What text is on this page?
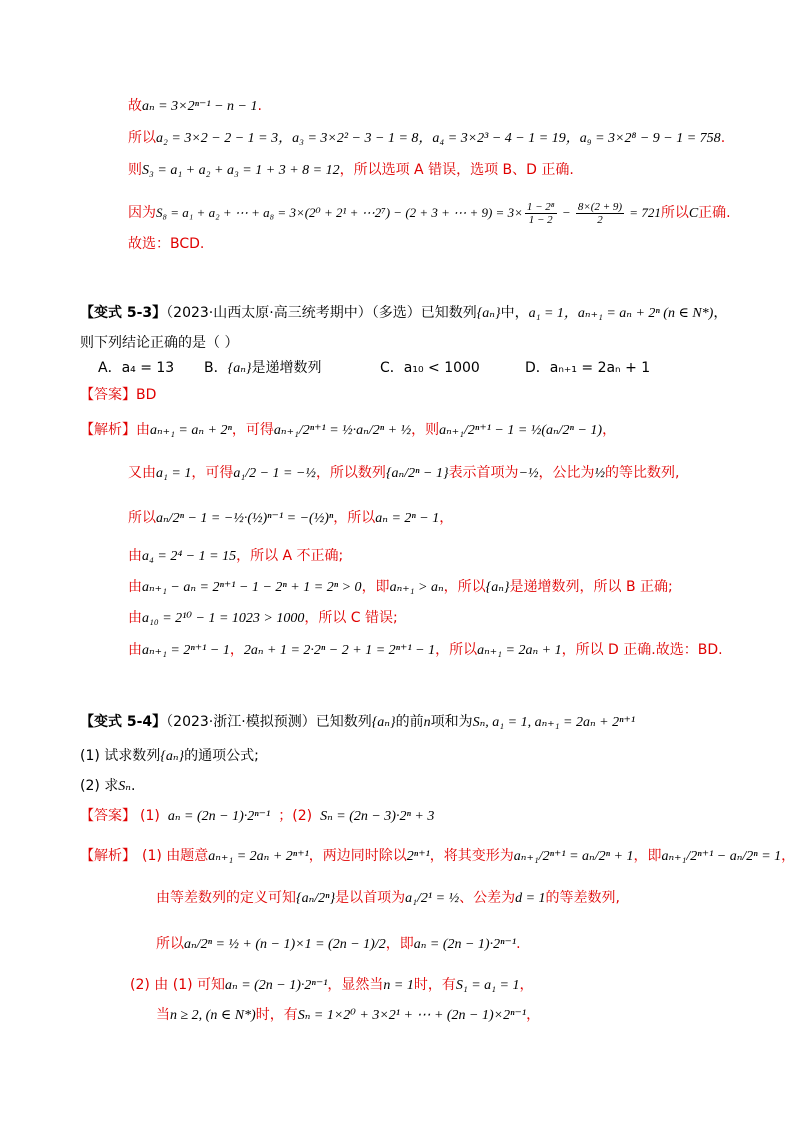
故aₙ = 3×2ⁿ⁻¹ − n − 1.
所以a₂ = 3×2 − 2 − 1 = 3，a₃ = 3×2² − 3 − 1 = 8，a₄ = 3×2³ − 4 − 1 = 19，a₉ = 3×2⁸ − 9 − 1 = 758.
则S₃ = a₁ + a₂ + a₃ = 1 + 3 + 8 = 12，所以选项 A 错误，选项 B、D 正确.
因为S₈ = a₁ + a₂ + ⋯ + a₈ = 3×(2⁰ + 2¹ + ⋯2⁷) − (2 + 3 + ⋯ + $9) = 3\times \frac{\text{1 − 2⁸}}{1 - 2} - \frac{8\times(2 + 9)}{2} = 721$所以C正确.
故选：BCD.
【变式 5-3】（2023·山西太原·高三统考期中）（多选）已知数列{aₙ}中，a₁ = 1，aₙ₊₁ = aₙ + 2ⁿ (n ∈ N*)，
则下列结论正确的是（ ）
A．a₄ = 13 B．{aₙ}是递增数列	C．a₁₀ < 1000	D．aₙ₊₁ = 2aₙ + 1
【答案】BD
【解析】由aₙ₊₁ = aₙ + 2ⁿ，可得aₙ₊₁/2ⁿ⁺¹ = ½·aₙ/2ⁿ + ½，则aₙ₊₁/2ⁿ⁺¹ − 1 = ½(aₙ/2ⁿ − 1)，
又由a₁ = 1，可得a₁/2 − 1 = −½，所以数列{aₙ/2ⁿ − 1}表示首项为−½，公比为½的等比数列,
所以aₙ/2ⁿ − 1 = −½·(½)ⁿ⁻¹ = −(½)ⁿ，所以aₙ = 2ⁿ − 1，
由a₄ = 2⁴ − 1 = 15，所以 A 不正确;
由aₙ₊₁ − aₙ = 2ⁿ⁺¹ − 1 − 2ⁿ + 1 = 2ⁿ > 0，即aₙ₊₁ > aₙ，所以{aₙ}是递增数列，所以 B 正确;
由a₁₀ = 2¹⁰ − 1 = 1023 > 1000，所以 C 错误;
由aₙ₊₁ = 2ⁿ⁺¹ − 1，2aₙ + 1 = 2·2ⁿ − 2 + 1 = 2ⁿ⁺¹ − 1，所以aₙ₊₁ = 2aₙ + 1，所以 D 正确.故选：BD.
【变式 5-4】（2023·浙江·模拟预测）已知数列{aₙ}的前n项和为Sₙ, a₁ = 1, aₙ₊₁ = 2aₙ + 2ⁿ⁺¹
(1) 试求数列{aₙ}的通项公式;
(2) 求Sₙ.
【答案】 (1) aₙ = (2n − 1)·2ⁿ⁻¹ ；(2) Sₙ = (2n − 3)·2ⁿ + 3
【解析】 (1) 由题意aₙ₊₁ = 2aₙ + 2ⁿ⁺¹，两边同时除以2ⁿ⁺¹，将其变形为aₙ₊₁/2ⁿ⁺¹ = aₙ/2ⁿ + 1，即aₙ₊₁/2ⁿ⁺¹ − aₙ/2ⁿ = 1，
由等差数列的定义可知{aₙ/2ⁿ}是以首项为a₁/2¹ = ½、公差为d = 1的等差数列,
所以aₙ/2ⁿ = ½ + (n − 1)×1 = (2n − 1)/2，即aₙ = (2n − 1)·2ⁿ⁻¹.
(2) 由 (1) 可知aₙ = (2n − 1)·2ⁿ⁻¹，显然当n = 1时，有S₁ = a₁ = 1，
当n ≥ 2, (n ∈ N*)时，有Sₙ = 1×2⁰ + 3×2¹ + ⋯ + (2n − 1)×2ⁿ⁻¹，
